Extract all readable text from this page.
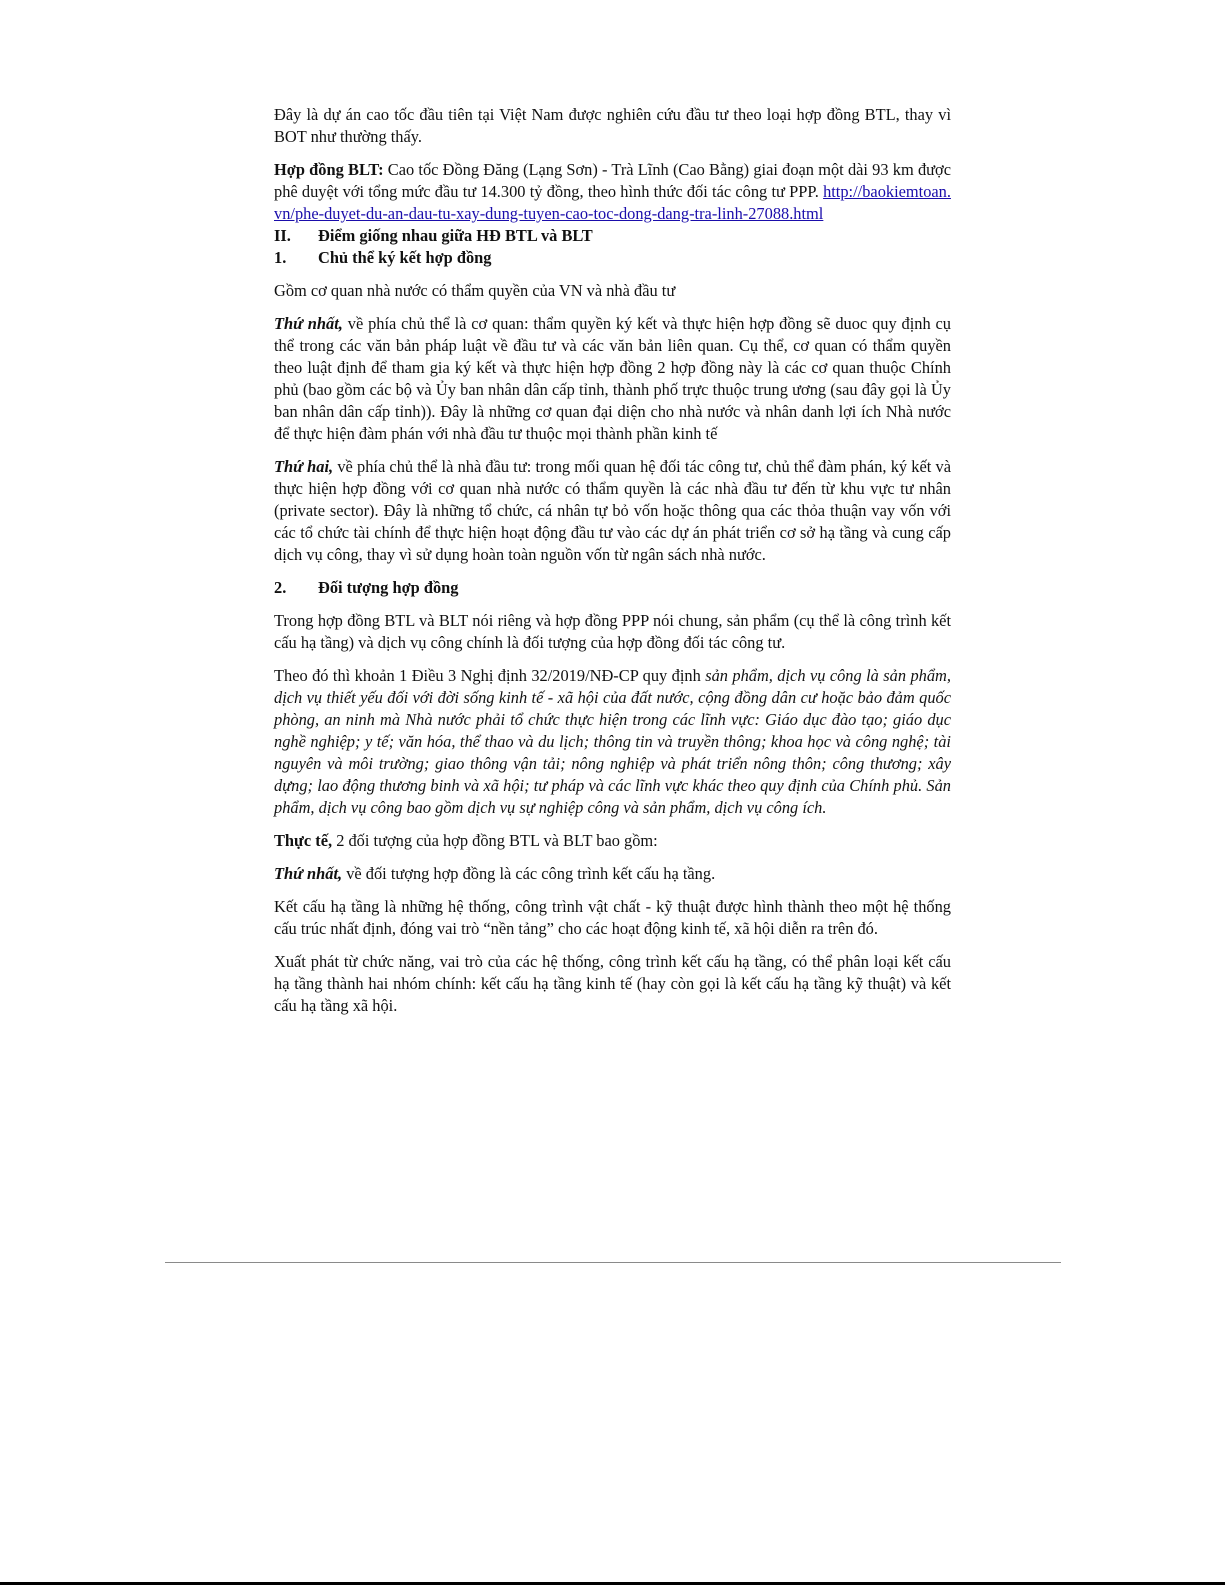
Đây là dự án cao tốc đầu tiên tại Việt Nam được nghiên cứu đầu tư theo loại hợp đồng BTL, thay vì BOT như thường thấy.

Hợp đồng BLT: Cao tốc Đồng Đăng (Lạng Sơn) - Trà Lĩnh (Cao Bằng) giai đoạn một dài 93 km được phê duyệt với tổng mức đầu tư 14.300 tỷ đồng, theo hình thức đối tác công tư PPP. http://baokiemtoan.vn/phe-duyet-du-an-dau-tu-xay-dung-tuyen-cao-toc-dong-dang-tra-linh-27088.html

II.	Điểm giống nhau giữa HĐ BTL và BLT
1.	Chủ thể ký kết hợp đồng

Gồm cơ quan nhà nước có thẩm quyền của VN và nhà đầu tư

Thứ nhất, về phía chủ thể là cơ quan: thẩm quyền ký kết và thực hiện hợp đồng sẽ duoc quy định cụ thể trong các văn bản pháp luật về đầu tư và các văn bản liên quan. Cụ thể, cơ quan có thẩm quyền theo luật định để tham gia ký kết và thực hiện hợp đồng 2 hợp đồng này là các cơ quan thuộc Chính phủ (bao gồm các bộ và Ủy ban nhân dân cấp tỉnh, thành phố trực thuộc trung ương (sau đây gọi là Ủy ban nhân dân cấp tỉnh)). Đây là những cơ quan đại diện cho nhà nước và nhân danh lợi ích Nhà nước để thực hiện đàm phán với nhà đầu tư thuộc mọi thành phần kinh tế

Thứ hai, về phía chủ thể là nhà đầu tư: trong mối quan hệ đối tác công tư, chủ thể đàm phán, ký kết và thực hiện hợp đồng với cơ quan nhà nước có thẩm quyền là các nhà đầu tư đến từ khu vực tư nhân (private sector). Đây là những tổ chức, cá nhân tự bỏ vốn hoặc thông qua các thỏa thuận vay vốn với các tổ chức tài chính để thực hiện hoạt động đầu tư vào các dự án phát triển cơ sở hạ tầng và cung cấp dịch vụ công, thay vì sử dụng hoàn toàn nguồn vốn từ ngân sách nhà nước.

2.	Đối tượng hợp đồng

Trong hợp đồng BTL và BLT nói riêng và hợp đồng PPP nói chung, sản phẩm (cụ thể là công trình kết cấu hạ tầng) và dịch vụ công chính là đối tượng của hợp đồng đối tác công tư.

Theo đó thì khoản 1 Điều 3 Nghị định 32/2019/NĐ-CP quy định sản phẩm, dịch vụ công là sản phẩm, dịch vụ thiết yếu đối với đời sống kinh tế - xã hội của đất nước, cộng đồng dân cư hoặc bảo đảm quốc phòng, an ninh mà Nhà nước phải tổ chức thực hiện trong các lĩnh vực: Giáo dục đào tạo; giáo dục nghề nghiệp; y tế; văn hóa, thể thao và du lịch; thông tin và truyền thông; khoa học và công nghệ; tài nguyên và môi trường; giao thông vận tải; nông nghiệp và phát triển nông thôn; công thương; xây dựng; lao động thương binh và xã hội; tư pháp và các lĩnh vực khác theo quy định của Chính phủ. Sản phẩm, dịch vụ công bao gồm dịch vụ sự nghiệp công và sản phẩm, dịch vụ công ích.

Thực tế, 2 đối tượng của hợp đồng BTL và BLT bao gồm:

Thứ nhất, về đối tượng hợp đồng là các công trình kết cấu hạ tầng.

Kết cấu hạ tầng là những hệ thống, công trình vật chất - kỹ thuật được hình thành theo một hệ thống cấu trúc nhất định, đóng vai trò “nền tảng” cho các hoạt động kinh tế, xã hội diễn ra trên đó.

Xuất phát từ chức năng, vai trò của các hệ thống, công trình kết cấu hạ tầng, có thể phân loại kết cấu hạ tầng thành hai nhóm chính: kết cấu hạ tầng kinh tế (hay còn gọi là kết cấu hạ tầng kỹ thuật) và kết cấu hạ tầng xã hội.
